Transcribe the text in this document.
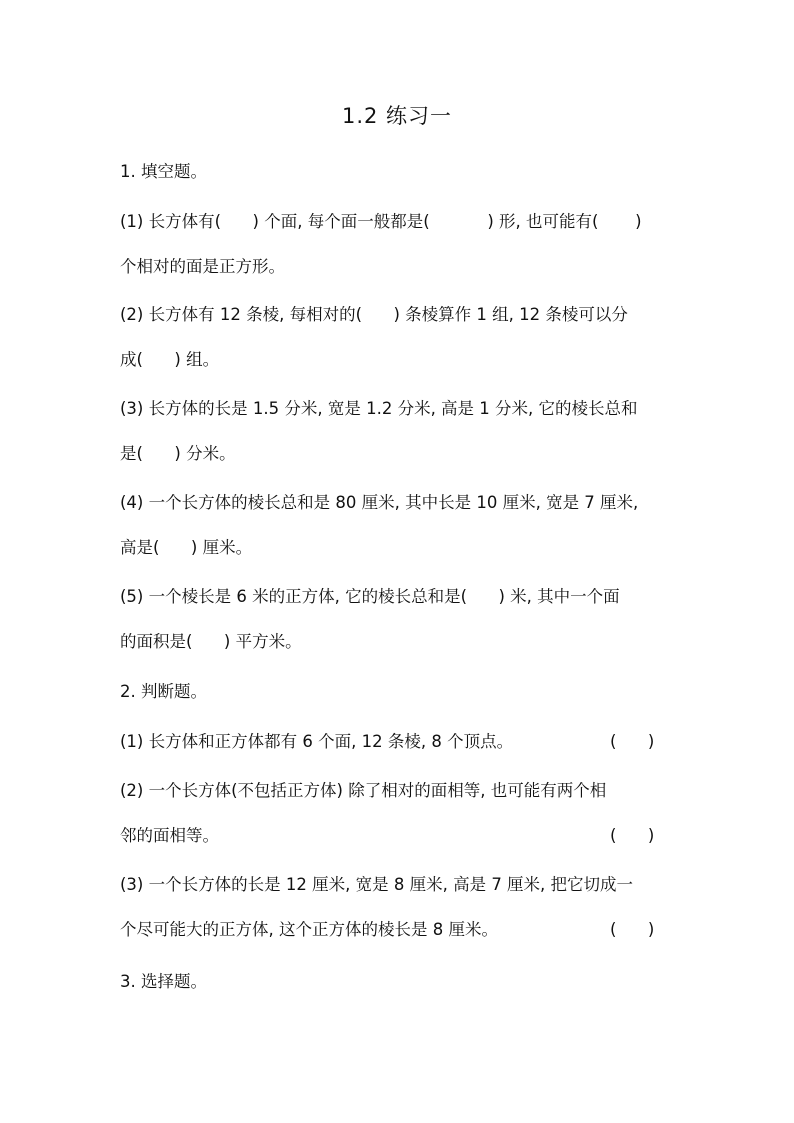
1.2 练习一
1. 填空题。
(1) 长方体有(      ) 个面, 每个面一般都是(           ) 形, 也可能有(       )
个相对的面是正方形。
(2) 长方体有 12 条棱, 每相对的(      ) 条棱算作 1 组, 12 条棱可以分
成(      ) 组。
(3) 长方体的长是 1.5 分米, 宽是 1.2 分米, 高是 1 分米, 它的棱长总和
是(      ) 分米。
(4) 一个长方体的棱长总和是 80 厘米, 其中长是 10 厘米, 宽是 7 厘米,
高是(      ) 厘米。
(5) 一个棱长是 6 米的正方体, 它的棱长总和是(      ) 米, 其中一个面
的面积是(      ) 平方米。
2. 判断题。
(1) 长方体和正方体都有 6 个面, 12 条棱, 8 个顶点。	(      )
(2) 一个长方体(不包括正方体) 除了相对的面相等, 也可能有两个相
邻的面相等。	(      )
(3) 一个长方体的长是 12 厘米, 宽是 8 厘米, 高是 7 厘米, 把它切成一
个尽可能大的正方体, 这个正方体的棱长是 8 厘米。	(      )
3. 选择题。
